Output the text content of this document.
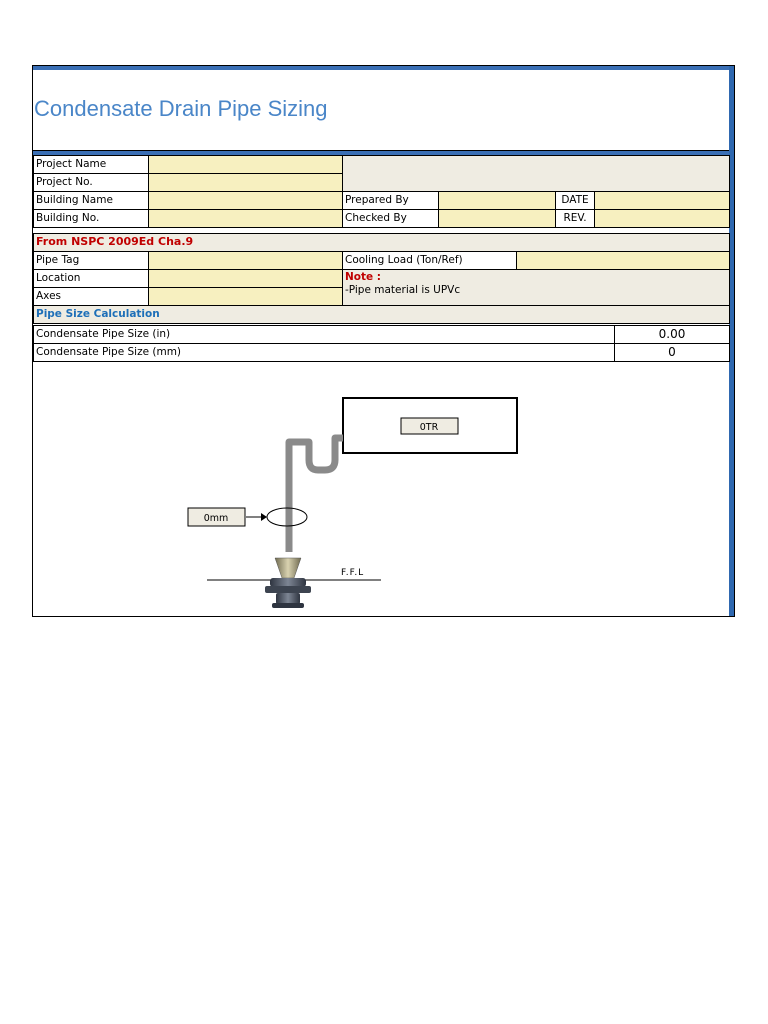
Condensate Drain Pipe Sizing
Project Name
Project No.
Building Name	Prepared By	DATE
Building No.	Checked By	REV.
From NSPC 2009Ed Cha.9
Pipe Tag	Cooling Load (Ton/Ref)
Location	Note :
-Pipe material is UPVc
Axes
Pipe Size Calculation
Condensate Pipe Size (in)	0.00
Condensate Pipe Size (mm)	0
0TR
0mm
F.F.L
